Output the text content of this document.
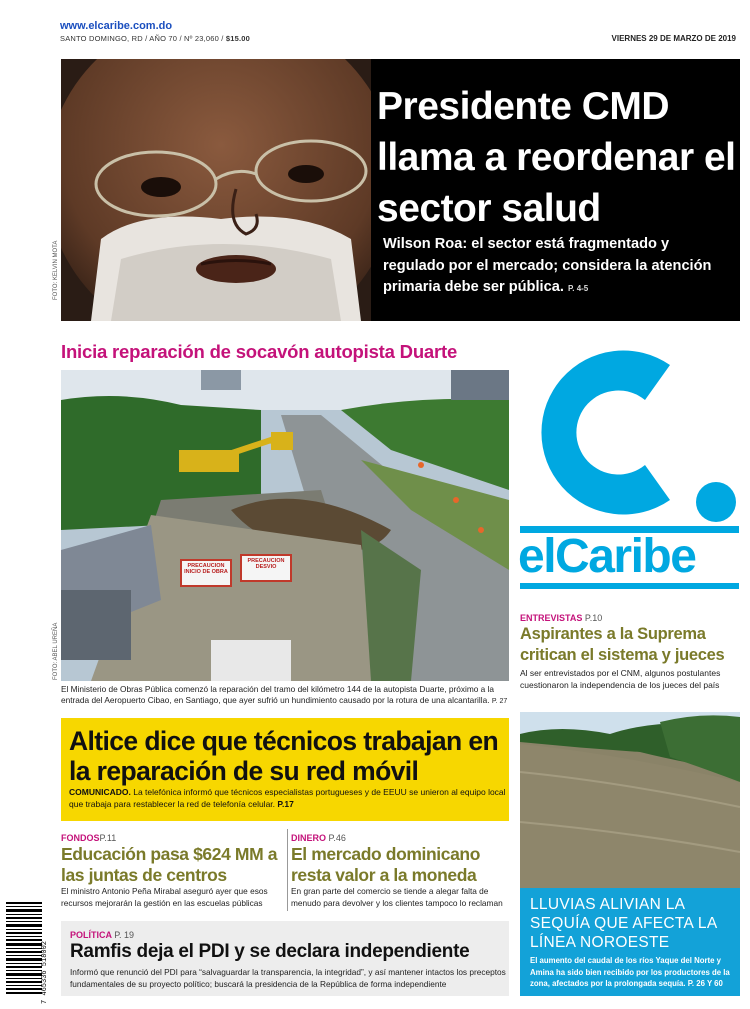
www.elcaribe.com.do
SANTO DOMINGO, RD / AÑO 70 / Nº 23,060 / $15.00	VIERNES 29 DE MARZO DE 2019
Presidente CMD llama a reordenar el sector salud
Wilson Roa: el sector está fragmentado y regulado por el mercado; considera la atención primaria debe ser pública. P. 4-5
FOTO: KELVIN MOTA
Inicia reparación de socavón autopista Duarte
PRECAUCION INICIO DE OBRA
PRECAUCION DESVIO
FOTO: ABEL UREÑA
El Ministerio de Obras Pública comenzó la reparación del tramo del kilómetro 144 de la autopista Duarte, próximo a la entrada del Aeropuerto Cibao, en Santiago, que ayer sufrió un hundimiento causado por la rotura de una alcantarilla. P. 27
elCaribe
ENTREVISTAS P.10
Aspirantes a la Suprema critican el sistema y jueces
Al ser entrevistados por el CNM, algunos postulantes cuestionaron la independencia de los jueces del país
LLUVIAS ALIVIAN LA SEQUÍA QUE AFECTA LA LÍNEA NOROESTE
El aumento del caudal de los ríos Yaque del Norte y Amina ha sido bien recibido por los productores de la zona, afectados por la prolongada sequía. P. 26 Y 60
Altice dice que técnicos trabajan en la reparación de su red móvil
COMUNICADO. La telefónica informó que técnicos especialistas portugueses y de EEUU se unieron al equipo local que trabaja para restablecer la red de telefonía celular. P.17
FONDOSP.11
Educación pasa $624 MM a las juntas de centros
El ministro Antonio Peña Mirabal aseguró ayer que esos recursos mejorarán la gestión en las escuelas públicas
DINERO P.46
El mercado dominicano resta valor a la moneda
En gran parte del comercio se tiende a alegar falta de menudo para devolver y los clientes tampoco lo reclaman
POLÍTICA P. 19
Ramfis deja el PDI y se declara independiente
Informó que renunció del PDI para “salvaguardar la transparencia, la integridad”, y así mantener intactos los preceptos fundamentales de su proyecto político; buscará la presidencia de la República de forma independiente
7 465336 518002
